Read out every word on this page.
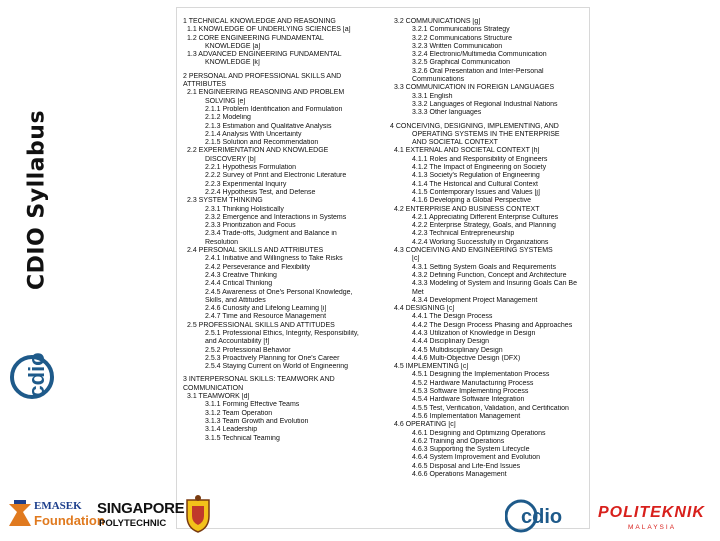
CDIO Syllabus
cdio
1 TECHNICAL KNOWLEDGE AND REASONING
1.1 KNOWLEDGE OF UNDERLYING SCIENCES [a]
1.2 CORE ENGINEERING FUNDAMENTAL
KNOWLEDGE [a]
1.3 ADVANCED ENGINEERING FUNDAMENTAL
KNOWLEDGE [k]
2 PERSONAL AND PROFESSIONAL SKILLS AND
ATTRIBUTES
2.1 ENGINEERING REASONING AND PROBLEM
SOLVING [e]
2.1.1 Problem Identification and Formulation
2.1.2 Modeling
2.1.3 Estimation and Qualitative Analysis
2.1.4 Analysis With Uncertainty
2.1.5 Solution and Recommendation
2.2 EXPERIMENTATION AND KNOWLEDGE
DISCOVERY [b]
2.2.1 Hypothesis Formulation
2.2.2 Survey of Print and Electronic Literature
2.2.3 Experimental Inquiry
2.2.4 Hypothesis Test, and Defense
2.3 SYSTEM THINKING
2.3.1 Thinking Holistically
2.3.2 Emergence and Interactions in Systems
2.3.3 Prioritization and Focus
2.3.4 Trade-offs, Judgment and Balance in
Resolution
2.4 PERSONAL SKILLS AND ATTRIBUTES
2.4.1 Initiative and Willingness to Take Risks
2.4.2 Perseverance and Flexibility
2.4.3 Creative Thinking
2.4.4 Critical Thinking
2.4.5 Awareness of One's Personal Knowledge,
Skills, and Attitudes
2.4.6 Curiosity and Lifelong Learning [i]
2.4.7 Time and Resource Management
2.5 PROFESSIONAL SKILLS AND ATTITUDES
2.5.1 Professional Ethics, Integrity, Responsibility,
and Accountability [f]
2.5.2 Professional Behavior
2.5.3 Proactively Planning for One's Career
2.5.4 Staying Current on World of Engineering
3 INTERPERSONAL SKILLS: TEAMWORK AND
COMMUNICATION
3.1 TEAMWORK [d]
3.1.1 Forming Effective Teams
3.1.2 Team Operation
3.1.3 Team Growth and Evolution
3.1.4 Leadership
3.1.5 Technical Teaming
3.2 COMMUNICATIONS [g]
3.2.1 Communications Strategy
3.2.2 Communications Structure
3.2.3 Written Communication
3.2.4 Electronic/Multimedia Communication
3.2.5 Graphical Communication
3.2.6 Oral Presentation and Inter-Personal
Communications
3.3 COMMUNICATION IN FOREIGN LANGUAGES
3.3.1 English
3.3.2 Languages of Regional Industrial Nations
3.3.3 Other languages
4 CONCEIVING, DESIGNING, IMPLEMENTING, AND
OPERATING SYSTEMS IN THE ENTERPRISE
AND SOCIETAL CONTEXT
4.1 EXTERNAL AND SOCIETAL CONTEXT [h]
4.1.1 Roles and Responsibility of Engineers
4.1.2 The Impact of Engineering on Society
4.1.3 Society's Regulation of Engineering
4.1.4 The Historical and Cultural Context
4.1.5 Contemporary Issues and Values [j]
4.1.6 Developing a Global Perspective
4.2 ENTERPRISE AND BUSINESS CONTEXT
4.2.1 Appreciating Different Enterprise Cultures
4.2.2 Enterprise Strategy, Goals, and Planning
4.2.3 Technical Entrepreneurship
4.2.4 Working Successfully in Organizations
4.3 CONCEIVING AND ENGINEERING SYSTEMS
[c]
4.3.1 Setting System Goals and Requirements
4.3.2 Defining Function, Concept and Architecture
4.3.3 Modeling of System and Insuring Goals Can Be
Met
4.3.4 Development Project Management
4.4 DESIGNING [c]
4.4.1 The Design Process
4.4.2 The Design Process Phasing and Approaches
4.4.3 Utilization of Knowledge in Design
4.4.4 Disciplinary Design
4.4.5 Multidisciplinary Design
4.4.6 Multi-Objective Design (DFX)
4.5 IMPLEMENTING [c]
4.5.1 Designing the Implementation Process
4.5.2 Hardware Manufacturing Process
4.5.3 Software Implementing Process
4.5.4 Hardware Software Integration
4.5.5 Test, Verification, Validation, and Certification
4.5.6 Implementation Management
4.6 OPERATING [c]
4.6.1 Designing and Optimizing Operations
4.6.2 Training and Operations
4.6.3 Supporting the System Lifecycle
4.6.4 System Improvement and Evolution
4.6.5 Disposal and Life-End Issues
4.6.6 Operations Management
EMASEK
Foundation
SINGAPORE
POLYTECHNIC	cdio POLITEKNIK
MALAYSIA
